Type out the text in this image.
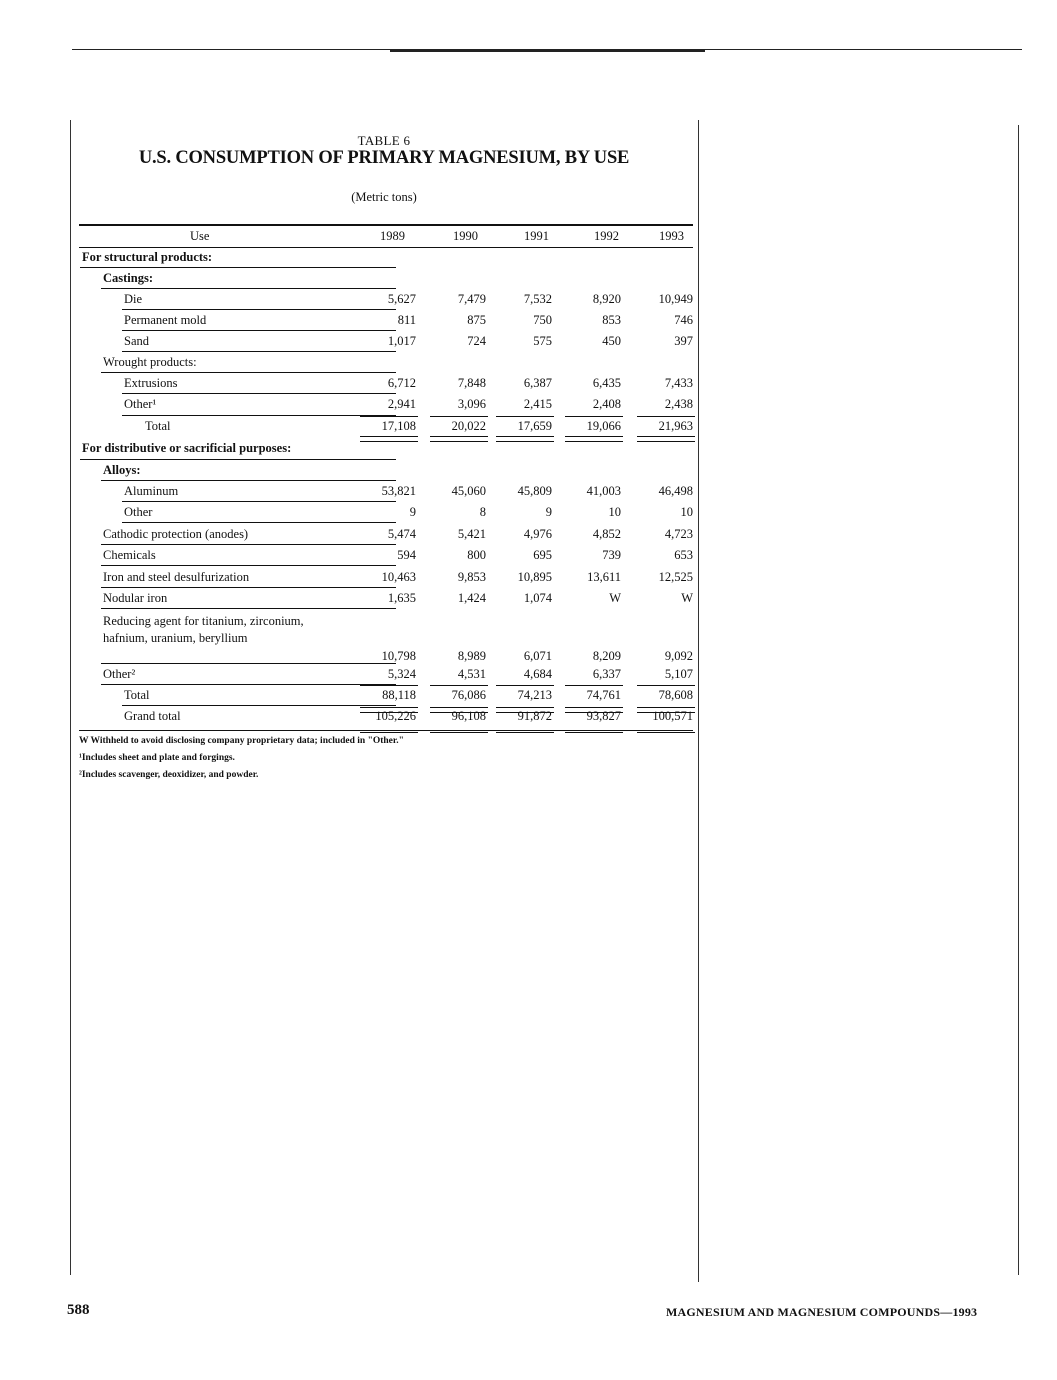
TABLE 6
U.S. CONSUMPTION OF PRIMARY MAGNESIUM, BY USE
(Metric tons)
Use	1989	1990	1991	1992	1993
For structural products:
Castings:
Die	5,627	7,479	7,532	8,920	10,949
Permanent mold	811	875	750	853	746
Sand	1,017	724	575	450	397
Wrought products:
Extrusions	6,712	7,848	6,387	6,435	7,433
Other¹	2,941	3,096	2,415	2,408	2,438
Total	17,108	20,022	17,659	19,066	21,963
For distributive or sacrificial purposes:
Alloys:
Aluminum	53,821	45,060	45,809	41,003	46,498
Other	9	8	9	10	10
Cathodic protection (anodes)	5,474	5,421	4,976	4,852	4,723
Chemicals	594	800	695	739	653
Iron and steel desulfurization	10,463	9,853	10,895	13,611	12,525
Nodular iron	1,635	1,424	1,074	W	W
Reducing agent for titanium, zirconium, hafnium, uranium, beryllium
10,798	8,989	6,071	8,209	9,092
Other²	5,324	4,531	4,684	6,337	5,107
Total	88,118	76,086	74,213	74,761	78,608
Grand total	105,226	96,108	91,872	93,827	100,571
W Withheld to avoid disclosing company proprietary data; included in "Other."
¹Includes sheet and plate and forgings.
²Includes scavenger, deoxidizer, and powder.
588	MAGNESIUM AND MAGNESIUM COMPOUNDS—1993
